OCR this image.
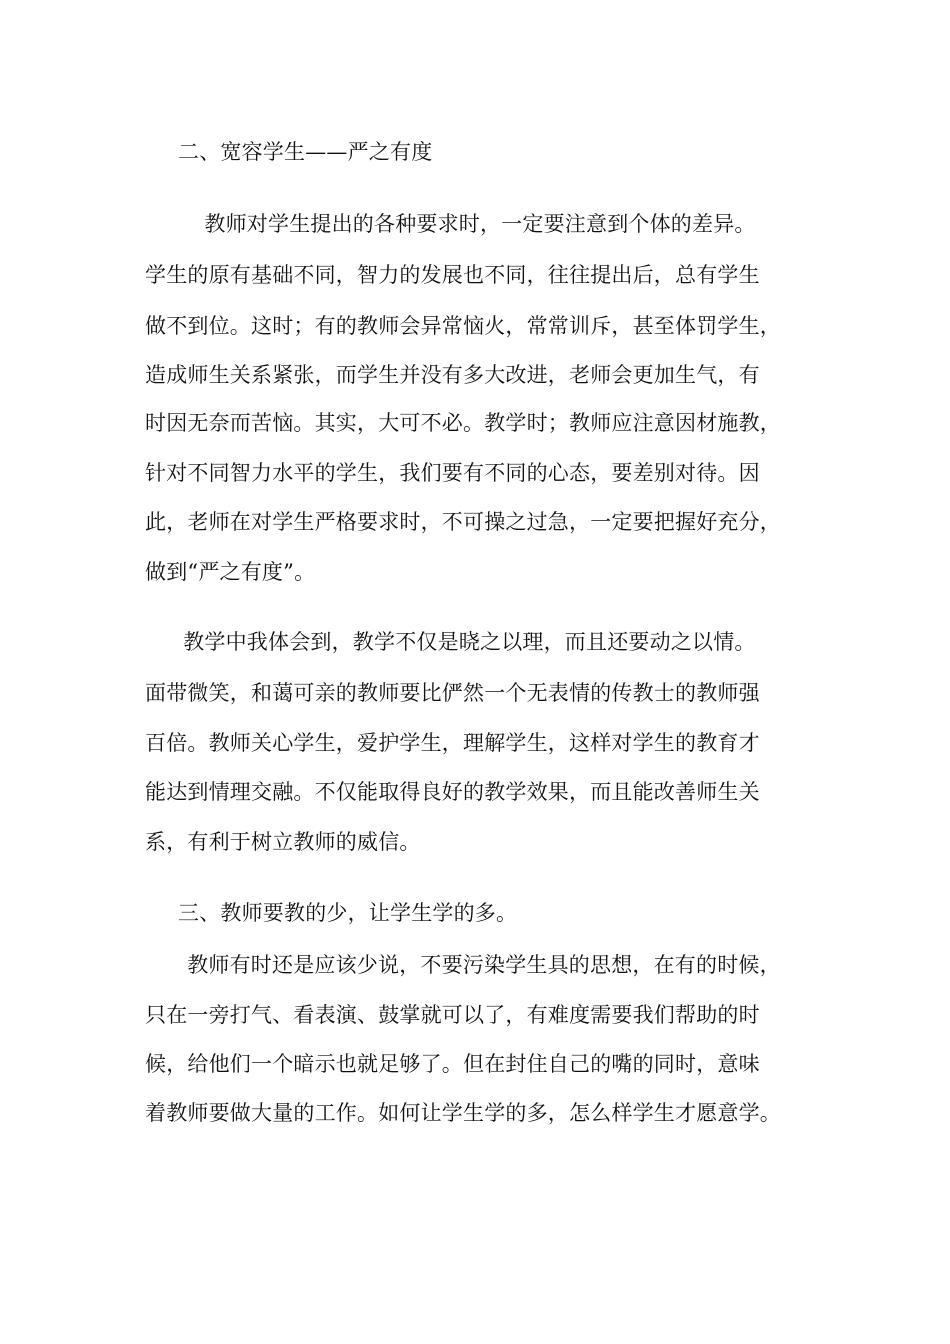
二、宽容学生——严之有度
　　教师对学生提出的各种要求时，一定要注意到个体的差异。
学生的原有基础不同，智力的发展也不同，往往提出后，总有学生
做不到位。这时；有的教师会异常恼火，常常训斥，甚至体罚学生，
造成师生关系紧张，而学生并没有多大改进，老师会更加生气，有
时因无奈而苦恼。其实，大可不必。教学时；教师应注意因材施教，
针对不同智力水平的学生，我们要有不同的心态，要差别对待。因
此，老师在对学生严格要求时，不可操之过急，一定要把握好充分，
做到“严之有度”。
　教学中我体会到，教学不仅是晓之以理，而且还要动之以情。
面带微笑，和蔼可亲的教师要比俨然一个无表情的传教士的教师强
百倍。教师关心学生，爱护学生，理解学生，这样对学生的教育才
能达到情理交融。不仅能取得良好的教学效果，而且能改善师生关
系，有利于树立教师的威信。
三、教师要教的少，让学生学的多。
　教师有时还是应该少说，不要污染学生具的思想，在有的时候，
只在一旁打气、看表演、鼓掌就可以了，有难度需要我们帮助的时
候，给他们一个暗示也就足够了。但在封住自己的嘴的同时，意味
着教师要做大量的工作。如何让学生学的多，怎么样学生才愿意学。
